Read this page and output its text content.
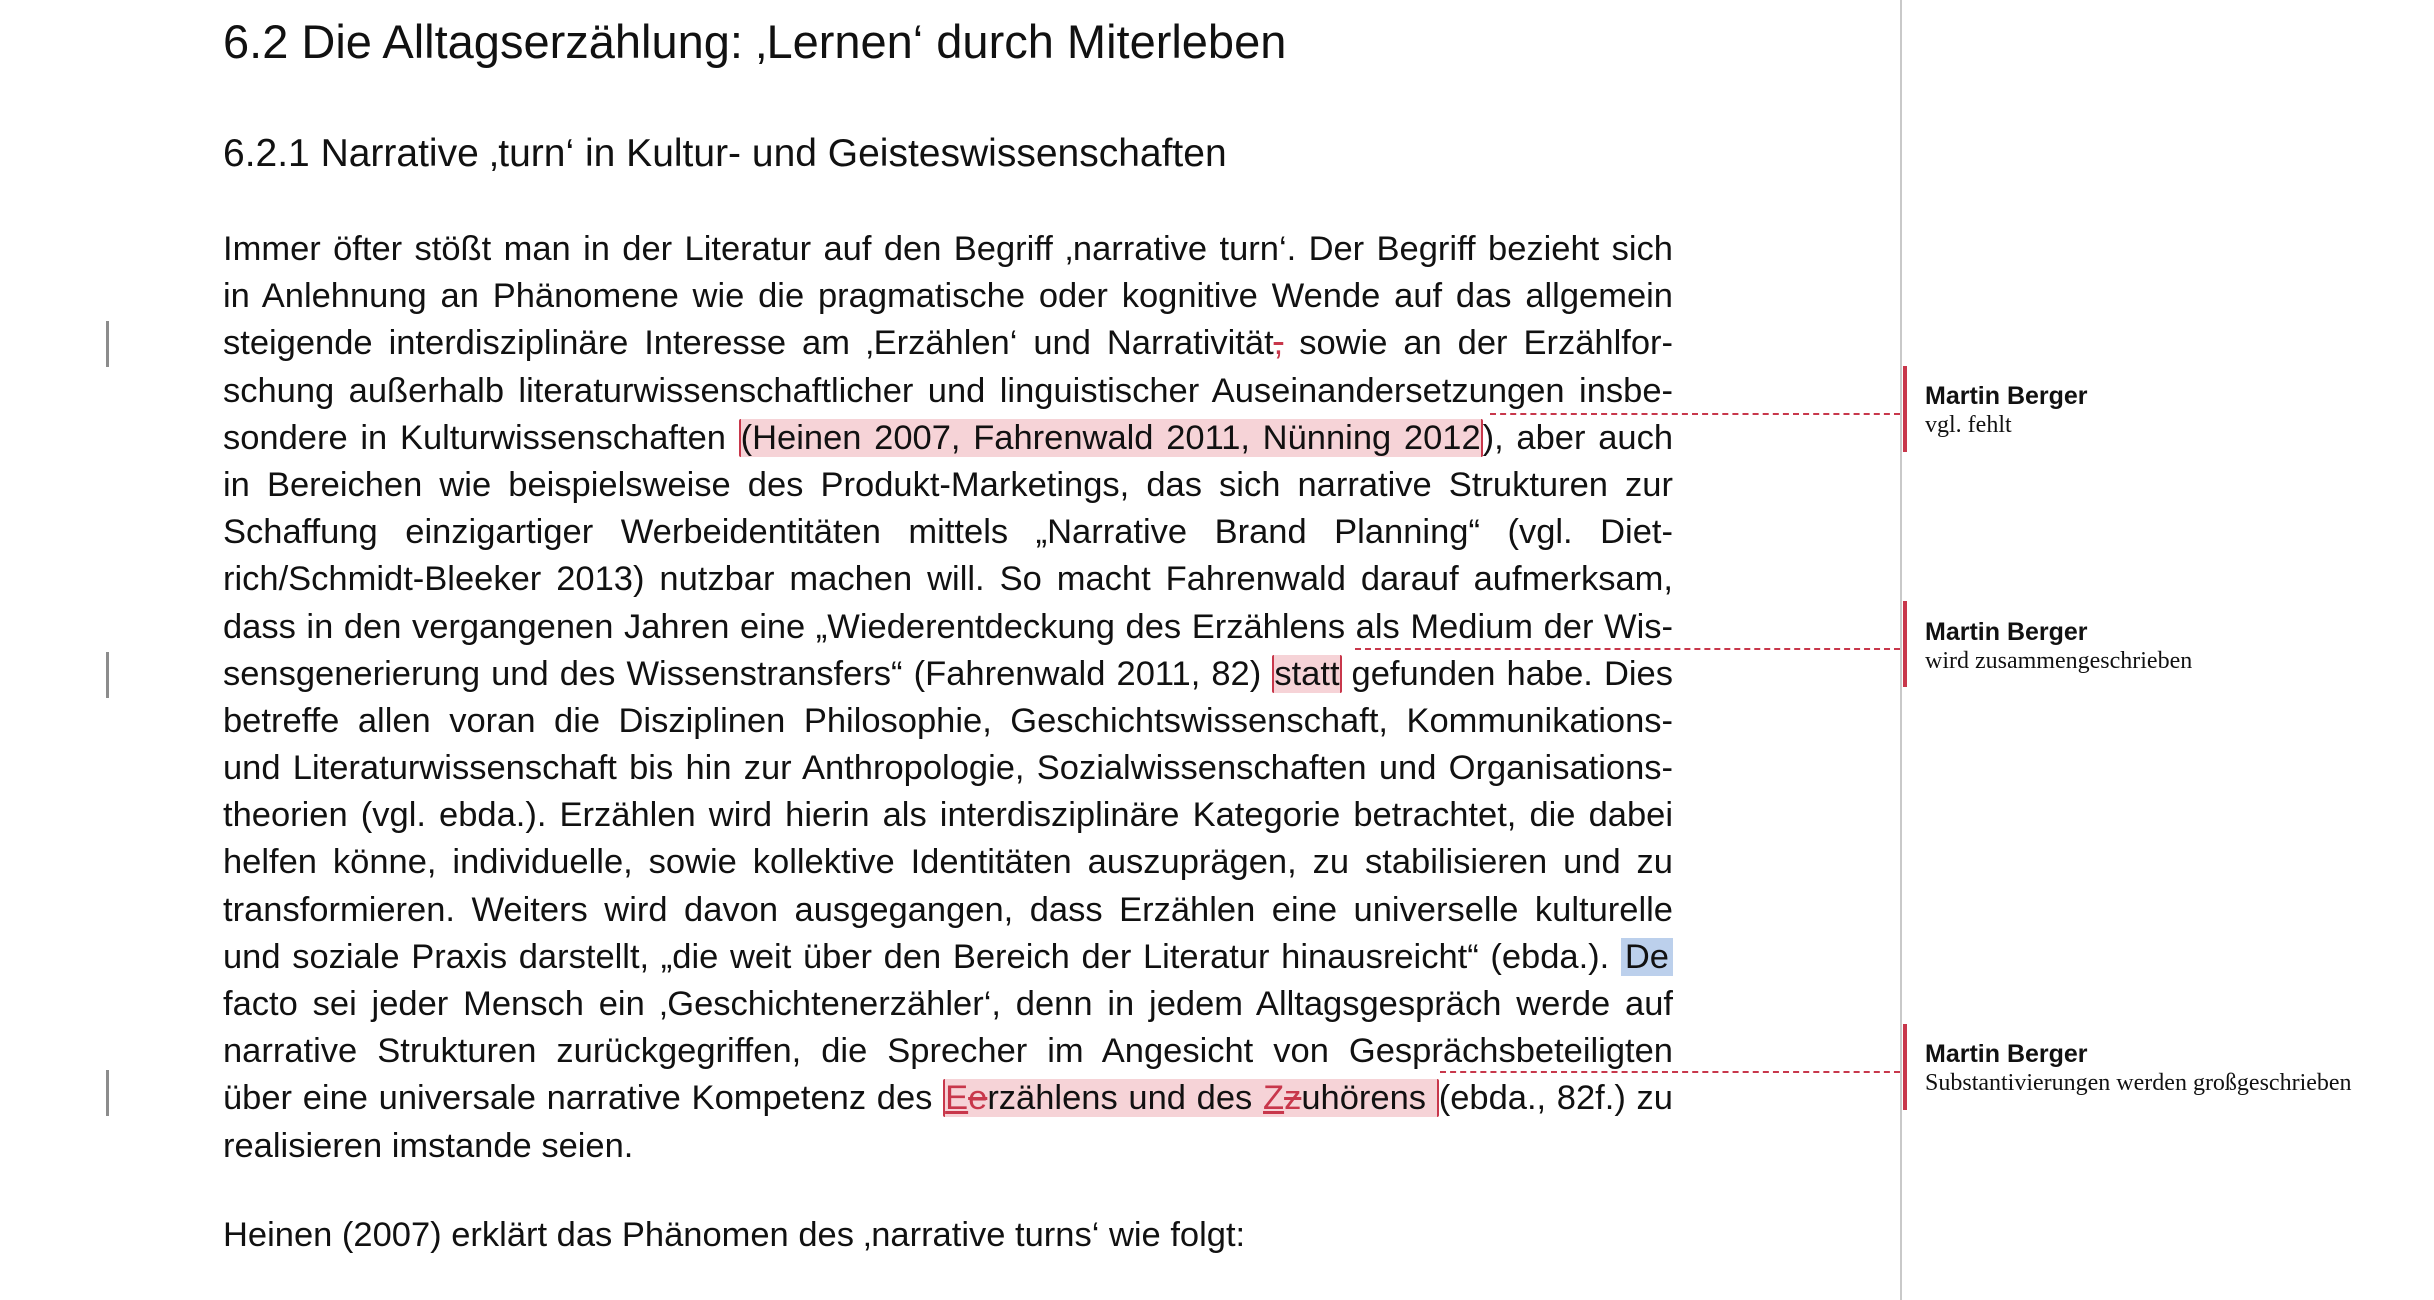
6.2 Die Alltagserzählung: ‚Lernen‘ durch Miterleben
6.2.1 Narrative ‚turn‘ in Kultur- und Geisteswissenschaften
Immer öfter stößt man in der Literatur auf den Begriff ‚narrative turn‘. Der Begriff bezieht sich
in Anlehnung an Phänomene wie die pragmatische oder kognitive Wende auf das allgemein
steigende interdisziplinäre Interesse am ‚Erzählen‘ und Narrativität, sowie an der Erzählfor-
schung außerhalb literaturwissenschaftlicher und linguistischer Auseinandersetzungen insbe-
sondere in Kulturwissenschaften (Heinen 2007, Fahrenwald 2011, Nünning 2012), aber auch
in Bereichen wie beispielsweise des Produkt-Marketings, das sich narrative Strukturen zur
Schaffung einzigartiger Werbeidentitäten mittels „Narrative Brand Planning“ (vgl. Diet-
rich/Schmidt-Bleeker 2013) nutzbar machen will. So macht Fahrenwald darauf aufmerksam,
dass in den vergangenen Jahren eine „Wiederentdeckung des Erzählens als Medium der Wis-
sensgenerierung und des Wissenstransfers“ (Fahrenwald 2011, 82) statt gefunden habe. Dies
betreffe allen voran die Disziplinen Philosophie, Geschichtswissenschaft, Kommunikations-
und Literaturwissenschaft bis hin zur Anthropologie, Sozialwissenschaften und Organisations-
theorien (vgl. ebda.). Erzählen wird hierin als interdisziplinäre Kategorie betrachtet, die dabei
helfen könne, individuelle, sowie kollektive Identitäten auszuprägen, zu stabilisieren und zu
transformieren. Weiters wird davon ausgegangen, dass Erzählen eine universelle kulturelle
und soziale Praxis darstellt, „die weit über den Bereich der Literatur hinausreicht“ (ebda.). De
facto sei jeder Mensch ein ‚Geschichtenerzähler‘, denn in jedem Alltagsgespräch werde auf
narrative Strukturen zurückgegriffen, die Sprecher im Angesicht von Gesprächsbeteiligten
über eine universale narrative Kompetenz des Eerzählens und des Zzuhörens (ebda., 82f.) zu
realisieren imstande seien.
Heinen (2007) erklärt das Phänomen des ‚narrative turns‘ wie folgt:
Martin Berger
vgl. fehlt
Martin Berger
wird zusammengeschrieben
Martin Berger
Substantivierungen werden großgeschrieben
